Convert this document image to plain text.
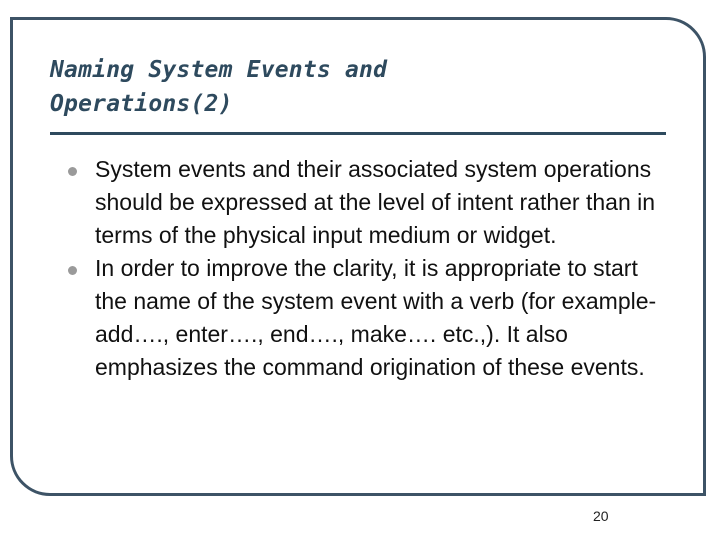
Naming System Events and
Operations(2)
System events and their associated system operations should be expressed at the level of intent rather than in terms of the physical input medium or widget.
In order to improve the clarity, it is appropriate to start the name of the system event with a verb (for example- add…., enter…., end…., make…. etc.,). It also emphasizes the command origination of these events.
20
